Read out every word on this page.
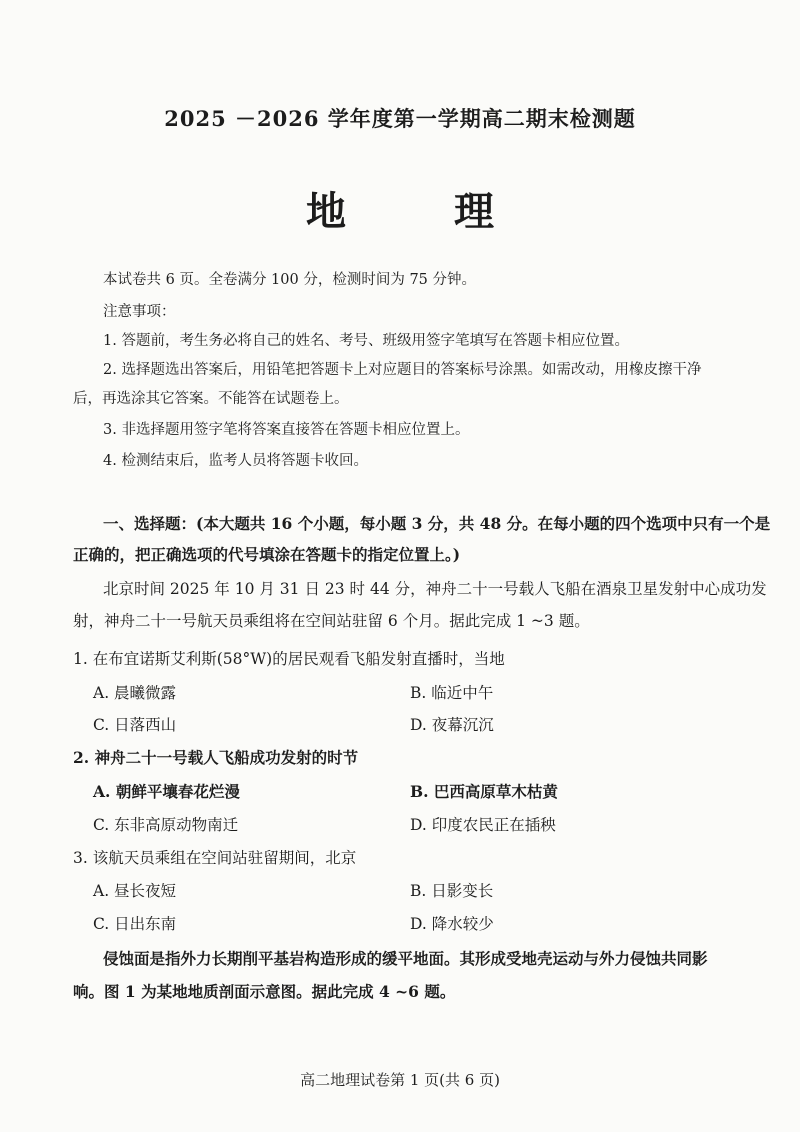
2025 －2026 学年度第一学期高二期末检测题
地　理
本试卷共 6 页。全卷满分 100 分，检测时间为 75 分钟。
注意事项：
1. 答题前，考生务必将自己的姓名、考号、班级用签字笔填写在答题卡相应位置。
2. 选择题选出答案后，用铅笔把答题卡上对应题目的答案标号涂黑。如需改动，用橡皮擦干净
后，再选涂其它答案。不能答在试题卷上。
3. 非选择题用签字笔将答案直接答在答题卡相应位置上。
4. 检测结束后，监考人员将答题卡收回。
一、选择题：(本大题共 16 个小题，每小题 3 分，共 48 分。在每小题的四个选项中只有一个是
正确的，把正确选项的代号填涂在答题卡的指定位置上。)
北京时间 2025 年 10 月 31 日 23 时 44 分，神舟二十一号载人飞船在酒泉卫星发射中心成功发
射，神舟二十一号航天员乘组将在空间站驻留 6 个月。据此完成 1 ~3 题。
1. 在布宜诺斯艾利斯(58°W)的居民观看飞船发射直播时，当地
A. 晨曦微露	B. 临近中午
C. 日落西山	D. 夜幕沉沉
2. 神舟二十一号载人飞船成功发射的时节
A. 朝鲜平壤春花烂漫	B. 巴西高原草木枯黄
C. 东非高原动物南迁	D. 印度农民正在插秧
3. 该航天员乘组在空间站驻留期间，北京
A. 昼长夜短	B. 日影变长
C. 日出东南	D. 降水较少
侵蚀面是指外力长期削平基岩构造形成的缓平地面。其形成受地壳运动与外力侵蚀共同影
响。图 1 为某地地质剖面示意图。据此完成 4 ~6 题。
高二地理试卷第 1 页(共 6 页)
